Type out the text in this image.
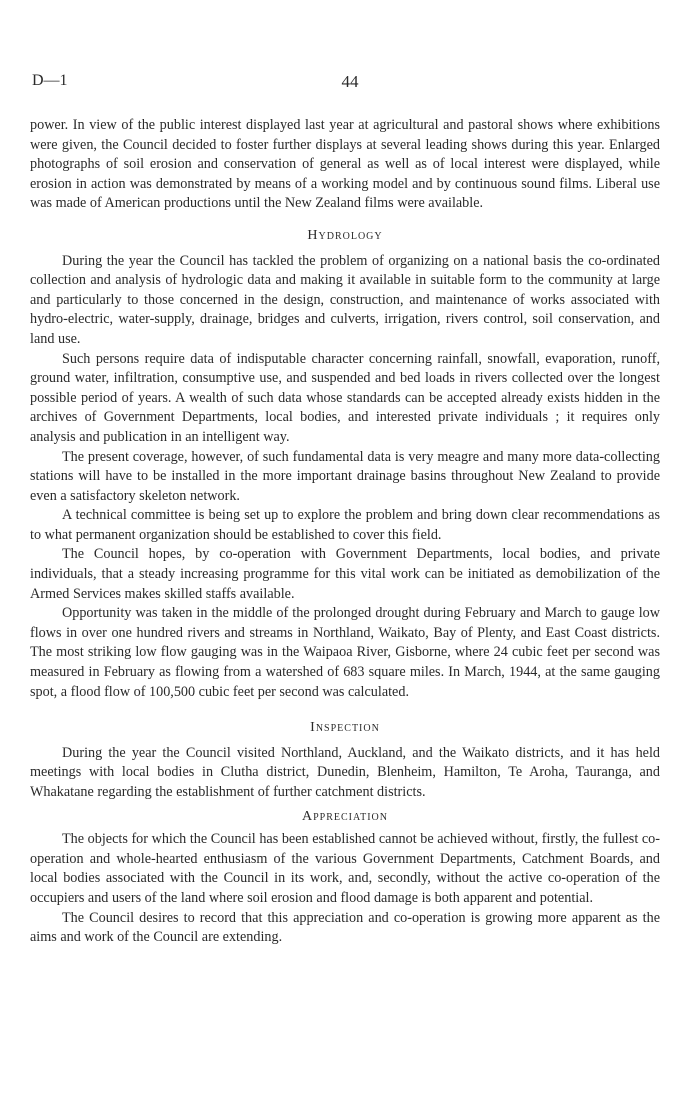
D—1	44

power. In view of the public interest displayed last year at agricultural and pastoral shows where exhibitions were given, the Council decided to foster further displays at several leading shows during this year. Enlarged photographs of soil erosion and conservation of general as well as of local interest were displayed, while erosion in action was demonstrated by means of a working model and by continuous sound films. Liberal use was made of American productions until the New Zealand films were available.

Hydrology

During the year the Council has tackled the problem of organizing on a national basis the co-ordinated collection and analysis of hydrologic data and making it available in suitable form to the community at large and particularly to those concerned in the design, construction, and maintenance of works associated with hydro-electric, water-supply, drainage, bridges and culverts, irrigation, rivers control, soil conservation, and land use.

Such persons require data of indisputable character concerning rainfall, snowfall, evaporation, runoff, ground water, infiltration, consumptive use, and suspended and bed loads in rivers collected over the longest possible period of years. A wealth of such data whose standards can be accepted already exists hidden in the archives of Government Departments, local bodies, and interested private individuals ; it requires only analysis and publication in an intelligent way.

The present coverage, however, of such fundamental data is very meagre and many more data-collecting stations will have to be installed in the more important drainage basins throughout New Zealand to provide even a satisfactory skeleton network.

A technical committee is being set up to explore the problem and bring down clear recommendations as to what permanent organization should be established to cover this field.

The Council hopes, by co-operation with Government Departments, local bodies, and private individuals, that a steady increasing programme for this vital work can be initiated as demobilization of the Armed Services makes skilled staffs available.

Opportunity was taken in the middle of the prolonged drought during February and March to gauge low flows in over one hundred rivers and streams in Northland, Waikato, Bay of Plenty, and East Coast districts. The most striking low flow gauging was in the Waipaoa River, Gisborne, where 24 cubic feet per second was measured in February as flowing from a watershed of 683 square miles. In March, 1944, at the same gauging spot, a flood flow of 100,500 cubic feet per second was calculated.

Inspection

During the year the Council visited Northland, Auckland, and the Waikato districts, and it has held meetings with local bodies in Clutha district, Dunedin, Blenheim, Hamilton, Te Aroha, Tauranga, and Whakatane regarding the establishment of further catchment districts.

Appreciation

The objects for which the Council has been established cannot be achieved without, firstly, the fullest co-operation and whole-hearted enthusiasm of the various Government Departments, Catchment Boards, and local bodies associated with the Council in its work, and, secondly, without the active co-operation of the occupiers and users of the land where soil erosion and flood damage is both apparent and potential.

The Council desires to record that this appreciation and co-operation is growing more apparent as the aims and work of the Council are extending.
